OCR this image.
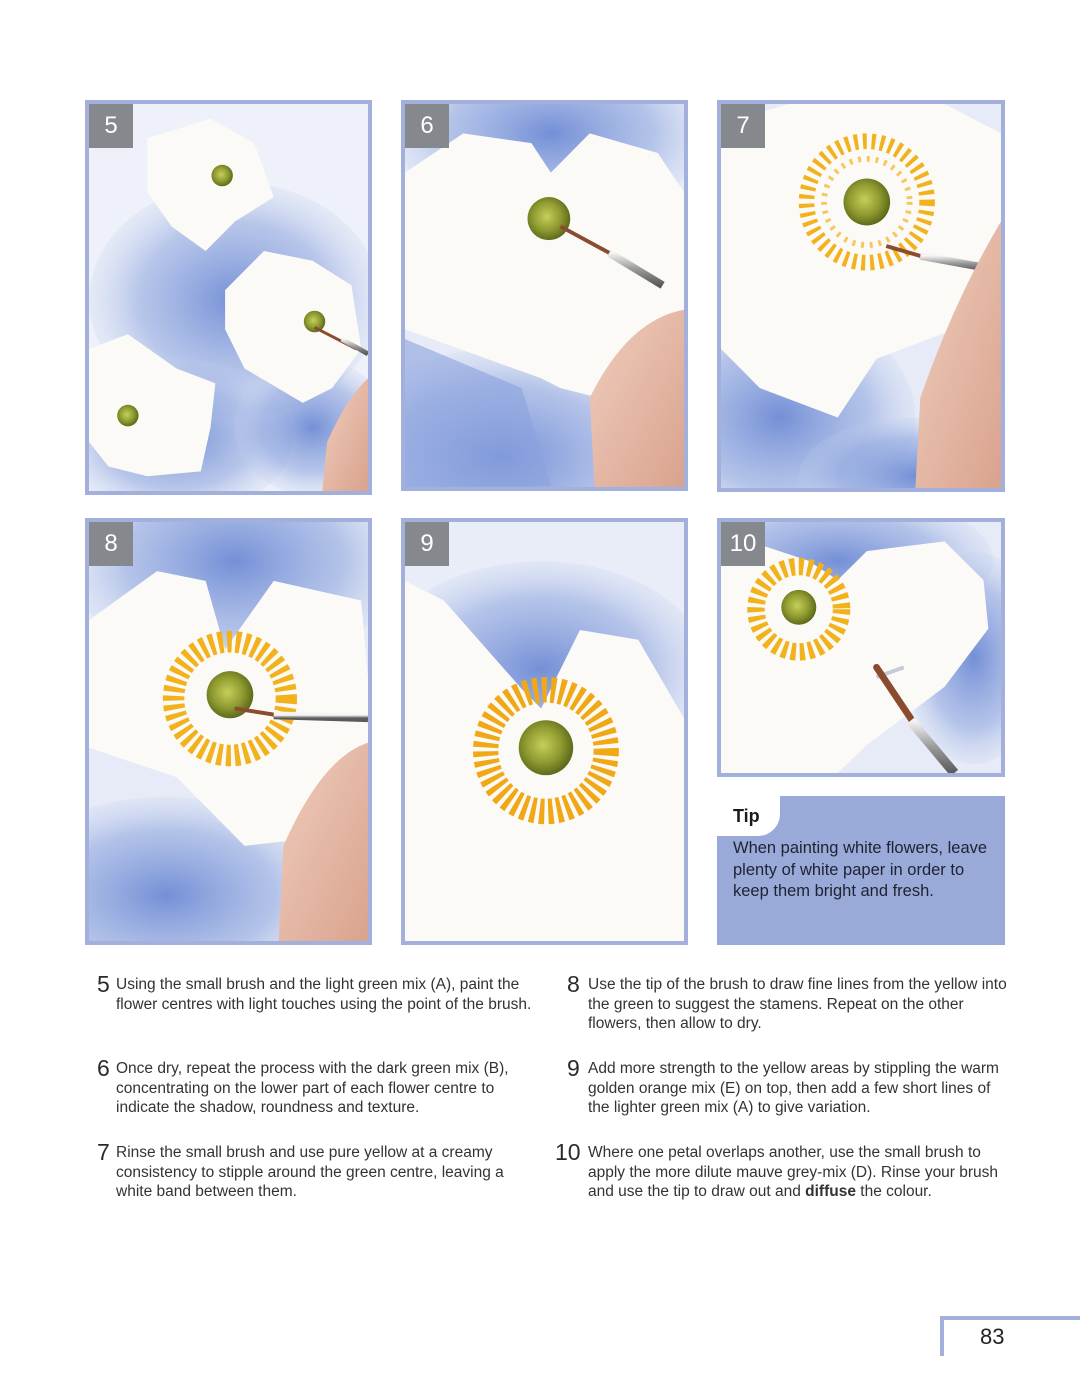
5	6	7
8	9	10
Tip
When painting white flowers, leave plenty of white paper in order to keep them bright and fresh.
5 Using the small brush and the light green mix (A), paint the flower centres with light touches using the point of the brush.
6 Once dry, repeat the process with the dark green mix (B), concentrating on the lower part of each flower centre to indicate the shadow, roundness and texture.
7 Rinse the small brush and use pure yellow at a creamy consistency to stipple around the green centre, leaving a white band between them.
8 Use the tip of the brush to draw fine lines from the yellow into the green to suggest the stamens. Repeat on the other flowers, then allow to dry.
9 Add more strength to the yellow areas by stippling the warm golden orange mix (E) on top, then add a few short lines of the lighter green mix (A) to give variation.
10 Where one petal overlaps another, use the small brush to apply the more dilute mauve grey-mix (D). Rinse your brush and use the tip to draw out and diffuse the colour.
83
